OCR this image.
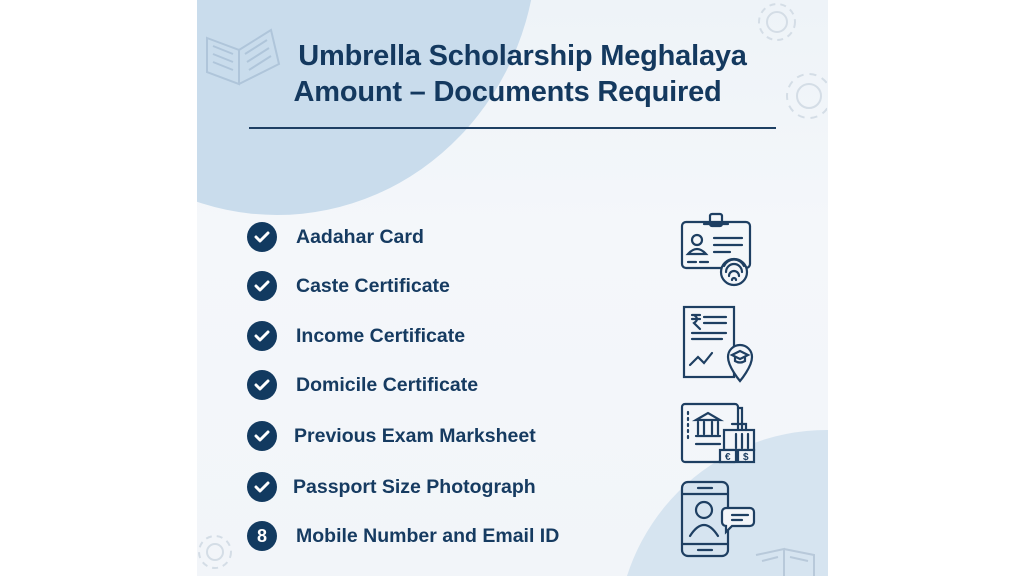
Umbrella Scholarship Meghalaya
Amount – Documents Required
Aadahar Card
Caste Certificate
Income Certificate
Domicile Certificate
Previous Exam Marksheet
Passport Size Photograph
8	Mobile Number and Email ID
€ $
